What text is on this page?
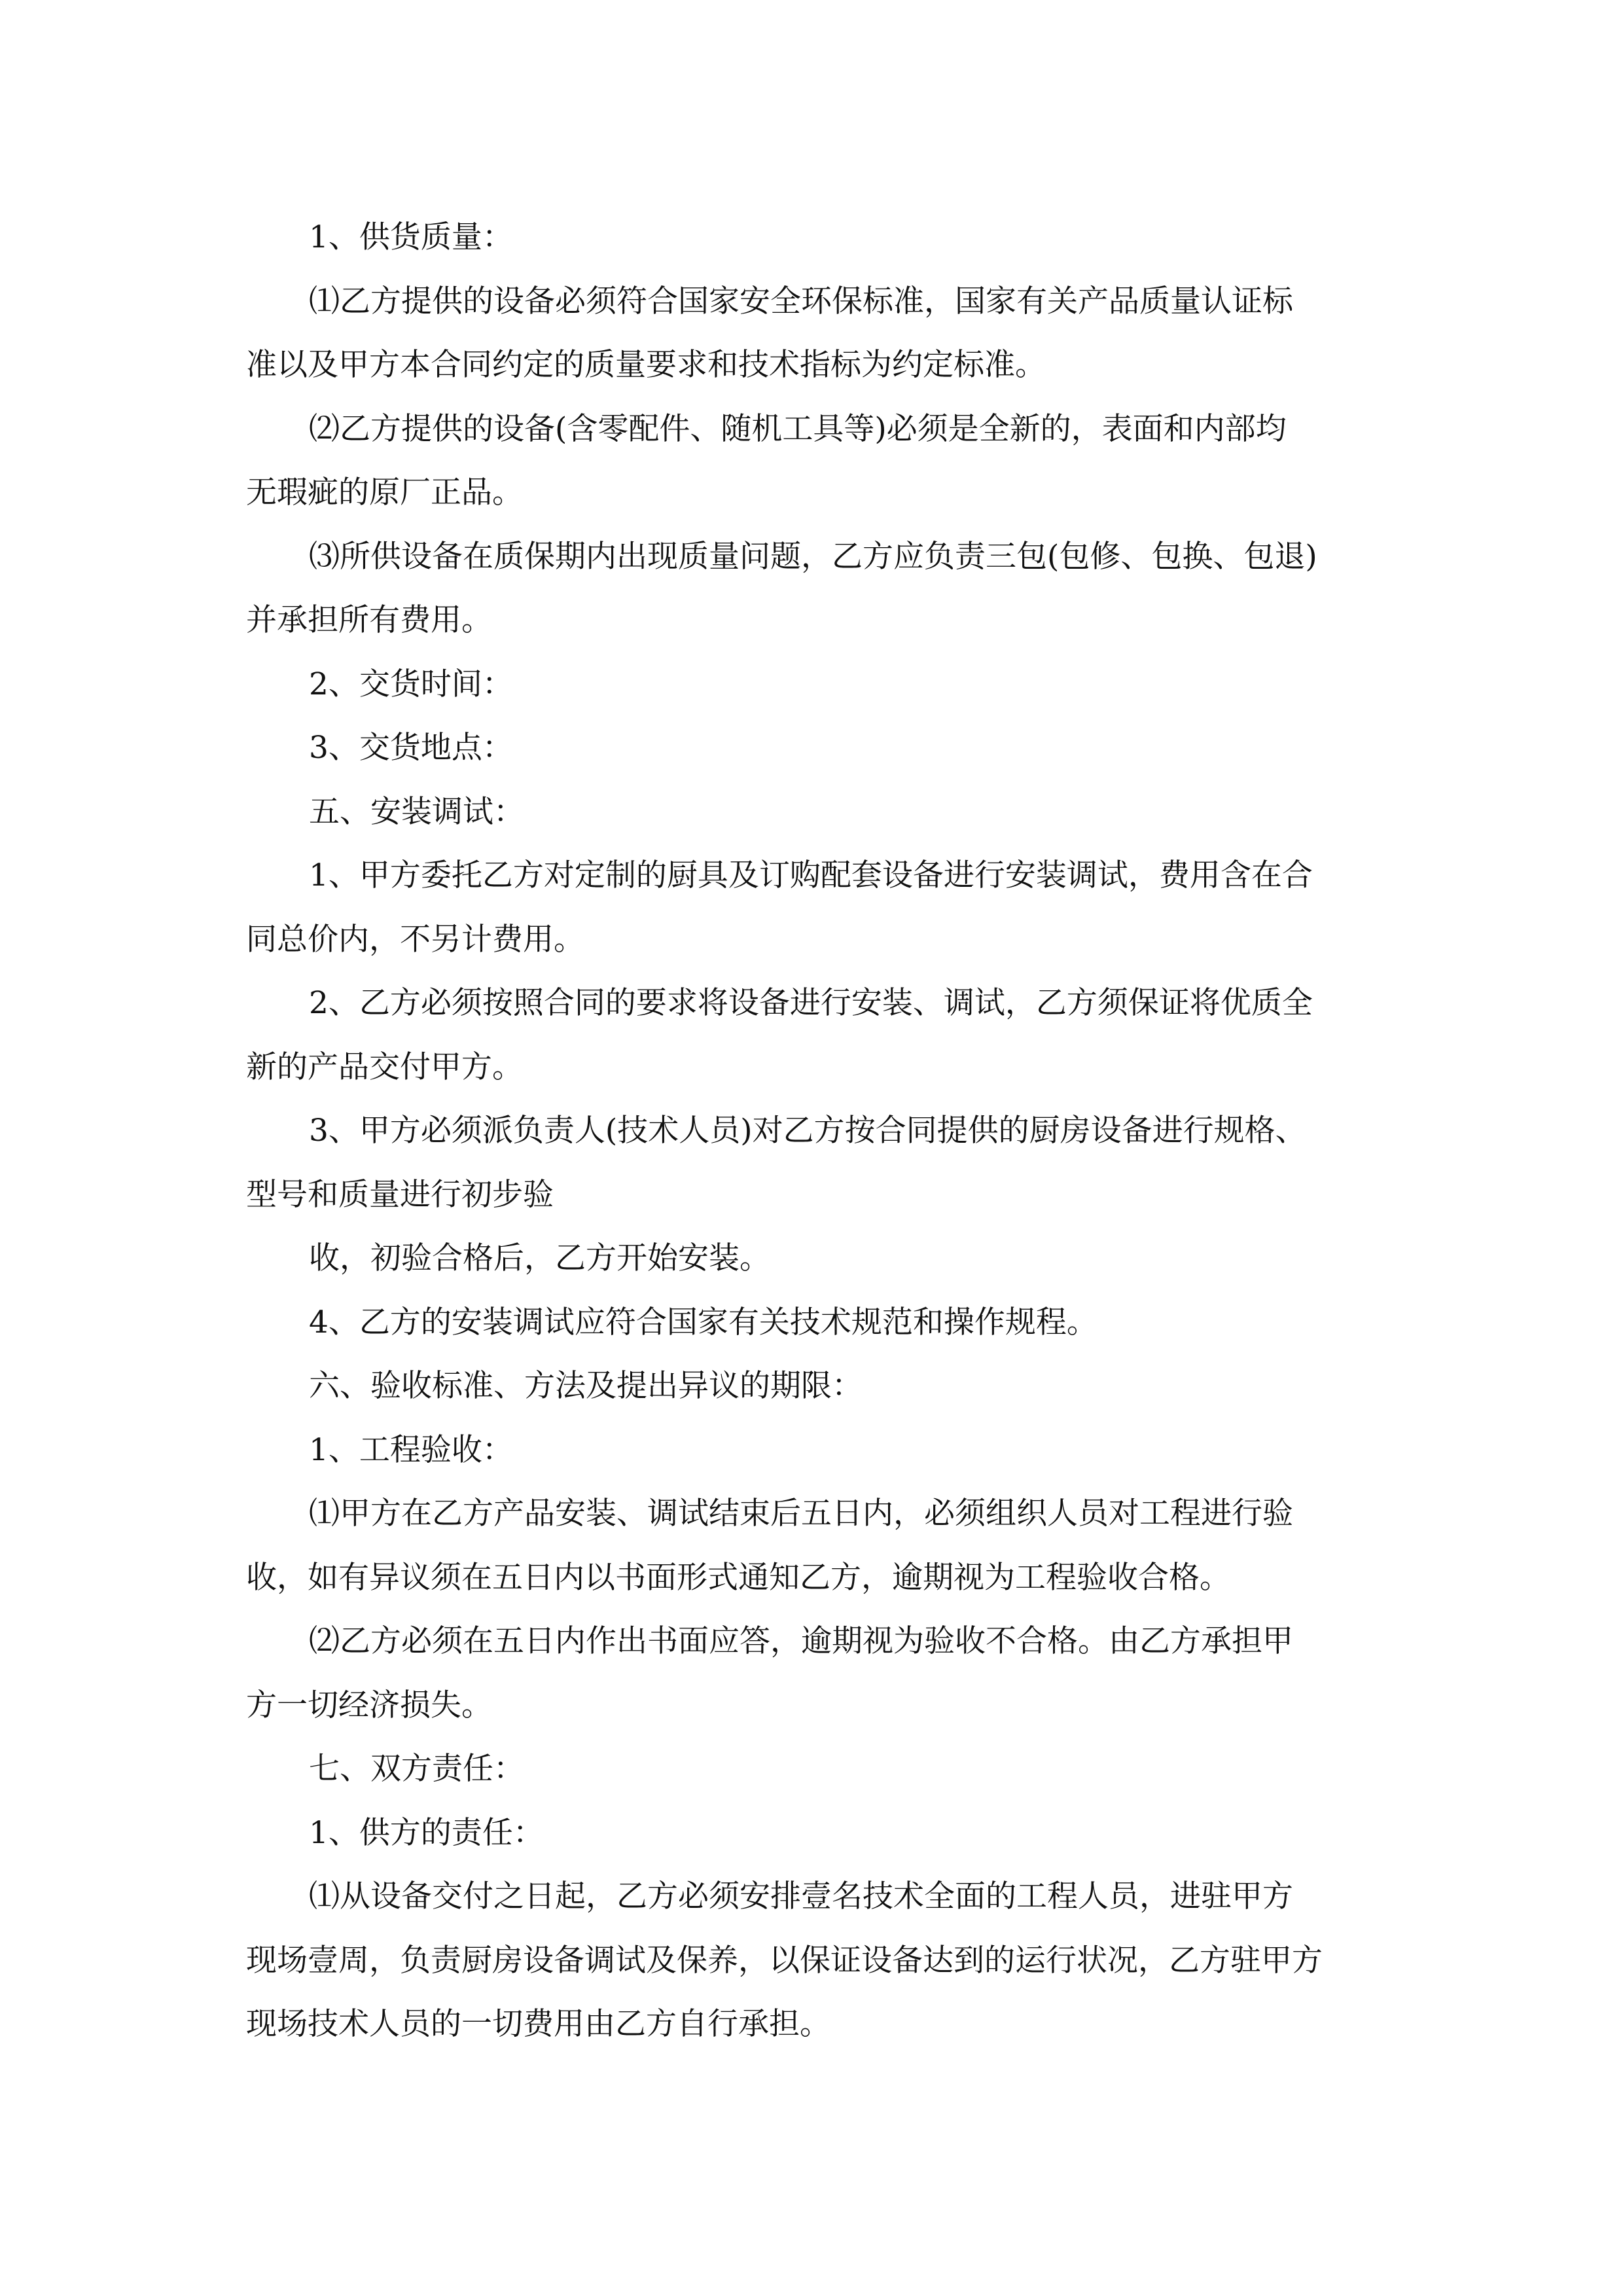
1、供货质量：

⑴乙方提供的设备必须符合国家安全环保标准，国家有关产品质量认证标

准以及甲方本合同约定的质量要求和技术指标为约定标准。

⑵乙方提供的设备(含零配件、随机工具等)必须是全新的，表面和内部均

无瑕疵的原厂正品。

⑶所供设备在质保期内出现质量问题，乙方应负责三包(包修、包换、包退)

并承担所有费用。

2、交货时间：

3、交货地点：

五、安装调试：

1、甲方委托乙方对定制的厨具及订购配套设备进行安装调试，费用含在合

同总价内，不另计费用。

2、乙方必须按照合同的要求将设备进行安装、调试，乙方须保证将优质全

新的产品交付甲方。

3、甲方必须派负责人(技术人员)对乙方按合同提供的厨房设备进行规格、

型号和质量进行初步验

收，初验合格后，乙方开始安装。

4、乙方的安装调试应符合国家有关技术规范和操作规程。

六、验收标准、方法及提出异议的期限：

1、工程验收：

⑴甲方在乙方产品安装、调试结束后五日内，必须组织人员对工程进行验

收，如有异议须在五日内以书面形式通知乙方，逾期视为工程验收合格。

⑵乙方必须在五日内作出书面应答，逾期视为验收不合格。由乙方承担甲

方一切经济损失。

七、双方责任：

1、供方的责任：

⑴从设备交付之日起，乙方必须安排壹名技术全面的工程人员，进驻甲方

现场壹周，负责厨房设备调试及保养，以保证设备达到的运行状况，乙方驻甲方

现场技术人员的一切费用由乙方自行承担。
